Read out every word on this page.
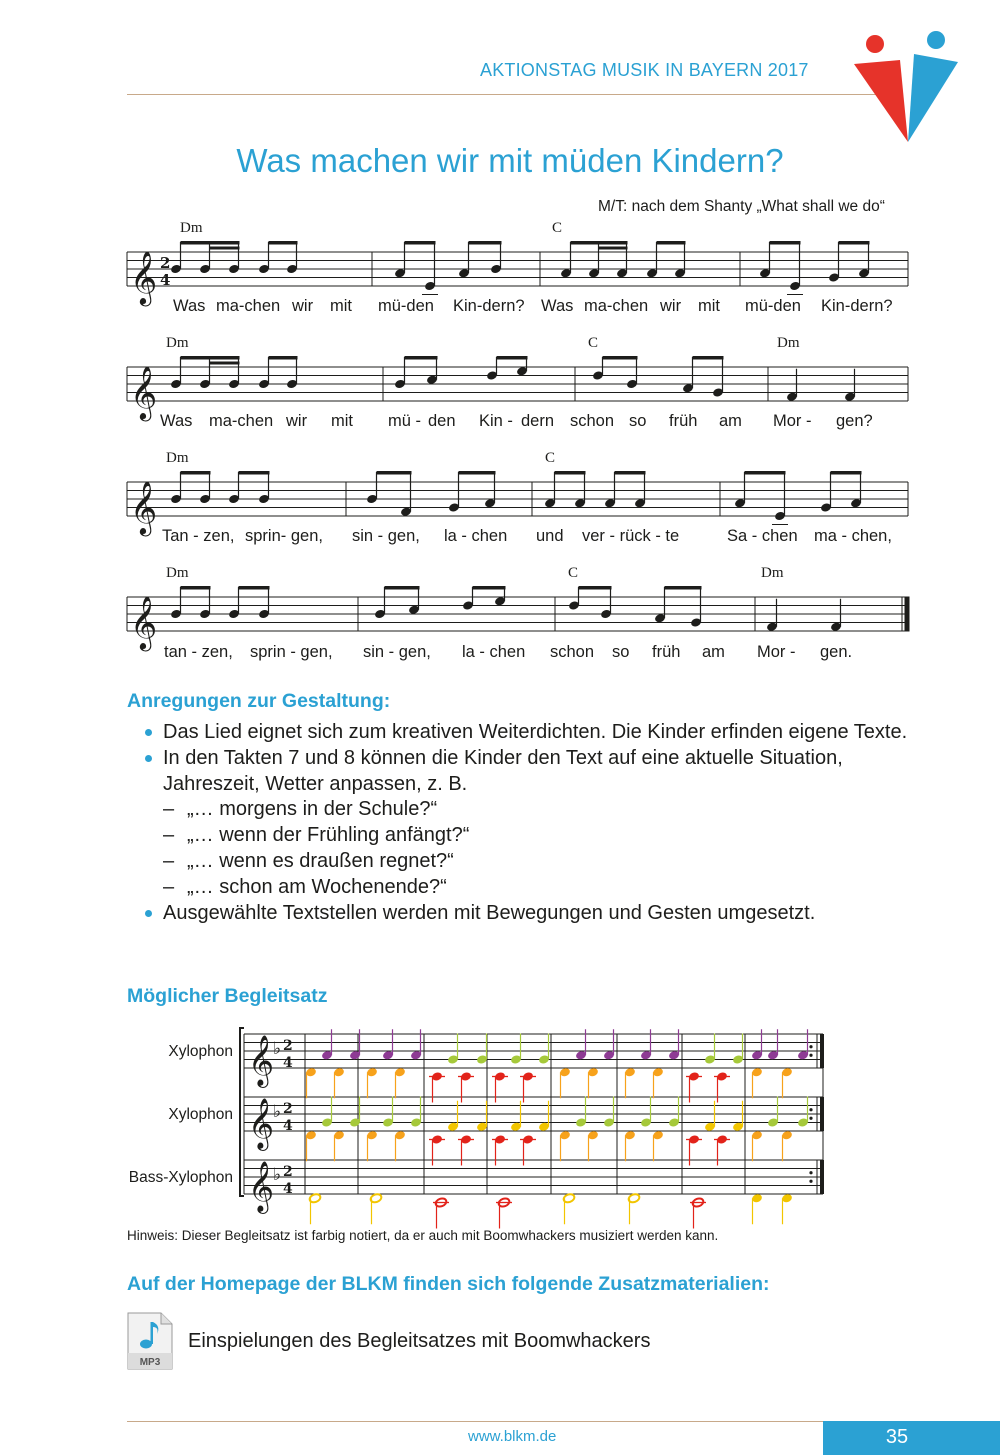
AKTIONSTAG MUSIK IN BAYERN 2017
Was machen wir mit müden Kindern?
M/T: nach dem Shanty „What shall we do“
𝄞 2
4
𝄞
𝄞
𝄞
𝄞
♭ 2
4
𝄞
♭ 2
4
𝄞
♭ 2
4
Dm	C
Was ma-chen wir mit mü-den Kin-dern? Was ma-chen wir mit mü-den Kin-dern?
Dm	C	Dm
Was ma-chen wir mit mü - den Kin - dern schon so früh am Mor - gen?
Dm	C
Tan - zen, sprin- gen, sin - gen, la - chen und ver - rück - te	Sa - chen ma - chen,
Dm	C	Dm
tan - zen, sprin - gen, sin - gen, la - chen schon so früh am Mor - gen.
Anregungen zur Gestaltung:
Das Lied eignet sich zum kreativen Weiterdichten. Die Kinder erfinden eigene Texte.
In den Takten 7 und 8 können die Kinder den Text auf eine aktuelle Situation, Jahreszeit, Wetter anpassen, z. B.
– „… morgens in der Schule?“
– „… wenn der Frühling anfängt?“
– „… wenn es draußen regnet?“
– „… schon am Wochenende?“
Ausgewählte Textstellen werden mit Bewegungen und Gesten umgesetzt.
Möglicher Begleitsatz
Xylophon
Xylophon
Bass-Xylophon
Hinweis: Dieser Begleitsatz ist farbig notiert, da er auch mit Boomwhackers musiziert werden kann.
Auf der Homepage der BLKM finden sich folgende Zusatzmaterialien:
MP3
Einspielungen des Begleitsatzes mit Boomwhackers
www.blkm.de	35
